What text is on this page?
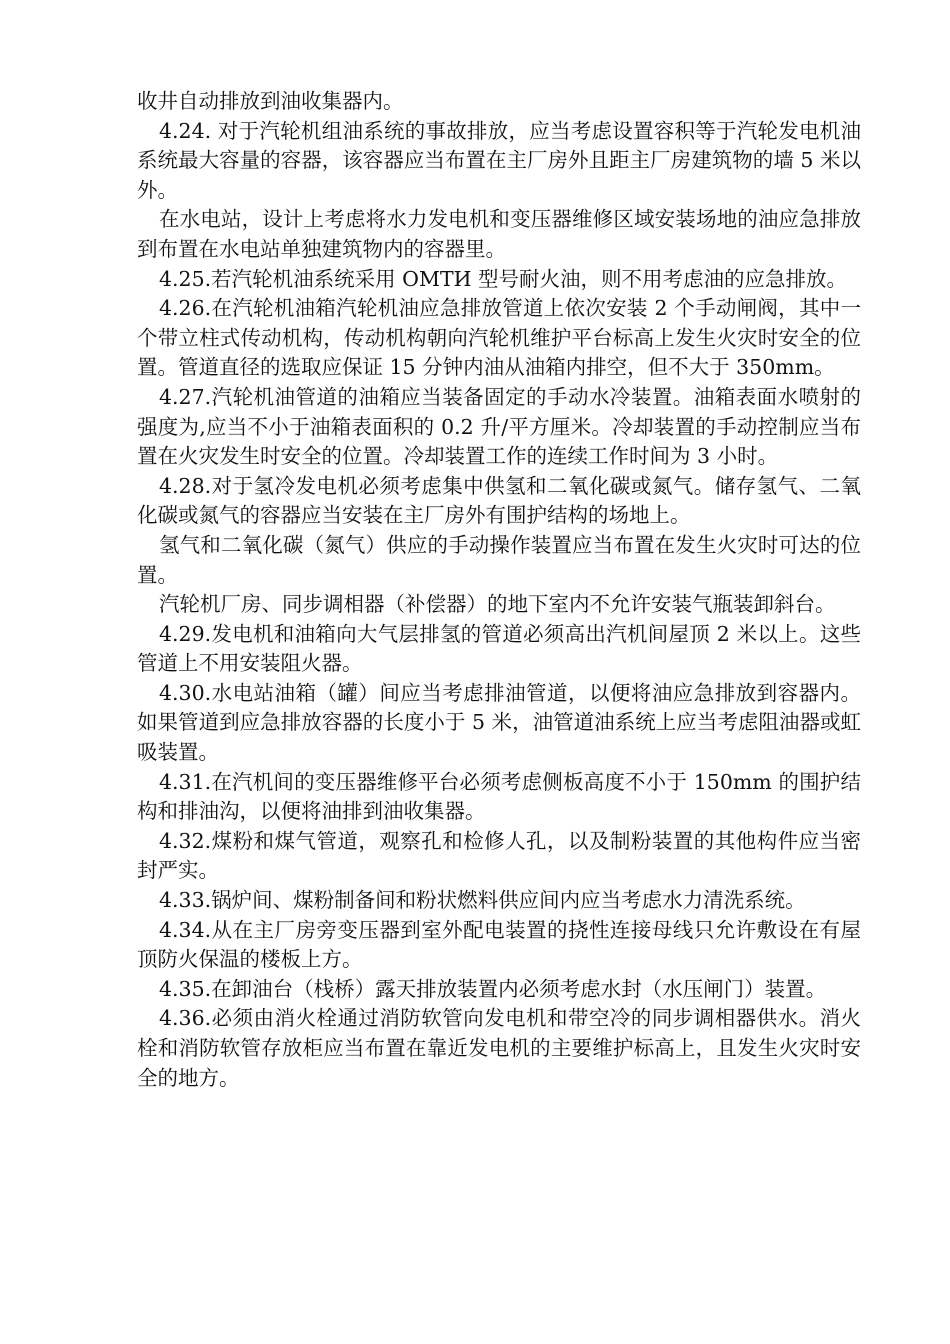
收井自动排放到油收集器内。

4.24. 对于汽轮机组油系统的事故排放，应当考虑设置容积等于汽轮发电机油系统最大容量的容器，该容器应当布置在主厂房外且距主厂房建筑物的墙 5 米以外。

在水电站，设计上考虑将水力发电机和变压器维修区域安装场地的油应急排放到布置在水电站单独建筑物内的容器里。

4.25.若汽轮机油系统采用 ОМТИ 型号耐火油，则不用考虑油的应急排放。

4.26.在汽轮机油箱汽轮机油应急排放管道上依次安装 2 个手动闸阀，其中一个带立柱式传动机构，传动机构朝向汽轮机维护平台标高上发生火灾时安全的位置。管道直径的选取应保证 15 分钟内油从油箱内排空，但不大于 350mm。

4.27.汽轮机油管道的油箱应当装备固定的手动水冷装置。油箱表面水喷射的强度为,应当不小于油箱表面积的 0.2 升/平方厘米。冷却装置的手动控制应当布置在火灾发生时安全的位置。冷却装置工作的连续工作时间为 3 小时。

4.28.对于氢冷发电机必须考虑集中供氢和二氧化碳或氮气。储存氢气、二氧化碳或氮气的容器应当安装在主厂房外有围护结构的场地上。

氢气和二氧化碳（氮气）供应的手动操作装置应当布置在发生火灾时可达的位置。

汽轮机厂房、同步调相器（补偿器）的地下室内不允许安装气瓶装卸斜台。

4.29.发电机和油箱向大气层排氢的管道必须高出汽机间屋顶 2 米以上。这些管道上不用安装阻火器。

4.30.水电站油箱（罐）间应当考虑排油管道，以便将油应急排放到容器内。如果管道到应急排放容器的长度小于 5 米，油管道油系统上应当考虑阻油器或虹吸装置。

4.31.在汽机间的变压器维修平台必须考虑侧板高度不小于 150mm 的围护结构和排油沟，以便将油排到油收集器。

4.32.煤粉和煤气管道，观察孔和检修人孔，以及制粉装置的其他构件应当密封严实。

4.33.锅炉间、煤粉制备间和粉状燃料供应间内应当考虑水力清洗系统。

4.34.从在主厂房旁变压器到室外配电装置的挠性连接母线只允许敷设在有屋顶防火保温的楼板上方。

4.35.在卸油台（栈桥）露天排放装置内必须考虑水封（水压闸门）装置。

4.36.必须由消火栓通过消防软管向发电机和带空冷的同步调相器供水。消火栓和消防软管存放柜应当布置在靠近发电机的主要维护标高上，且发生火灾时安全的地方。
